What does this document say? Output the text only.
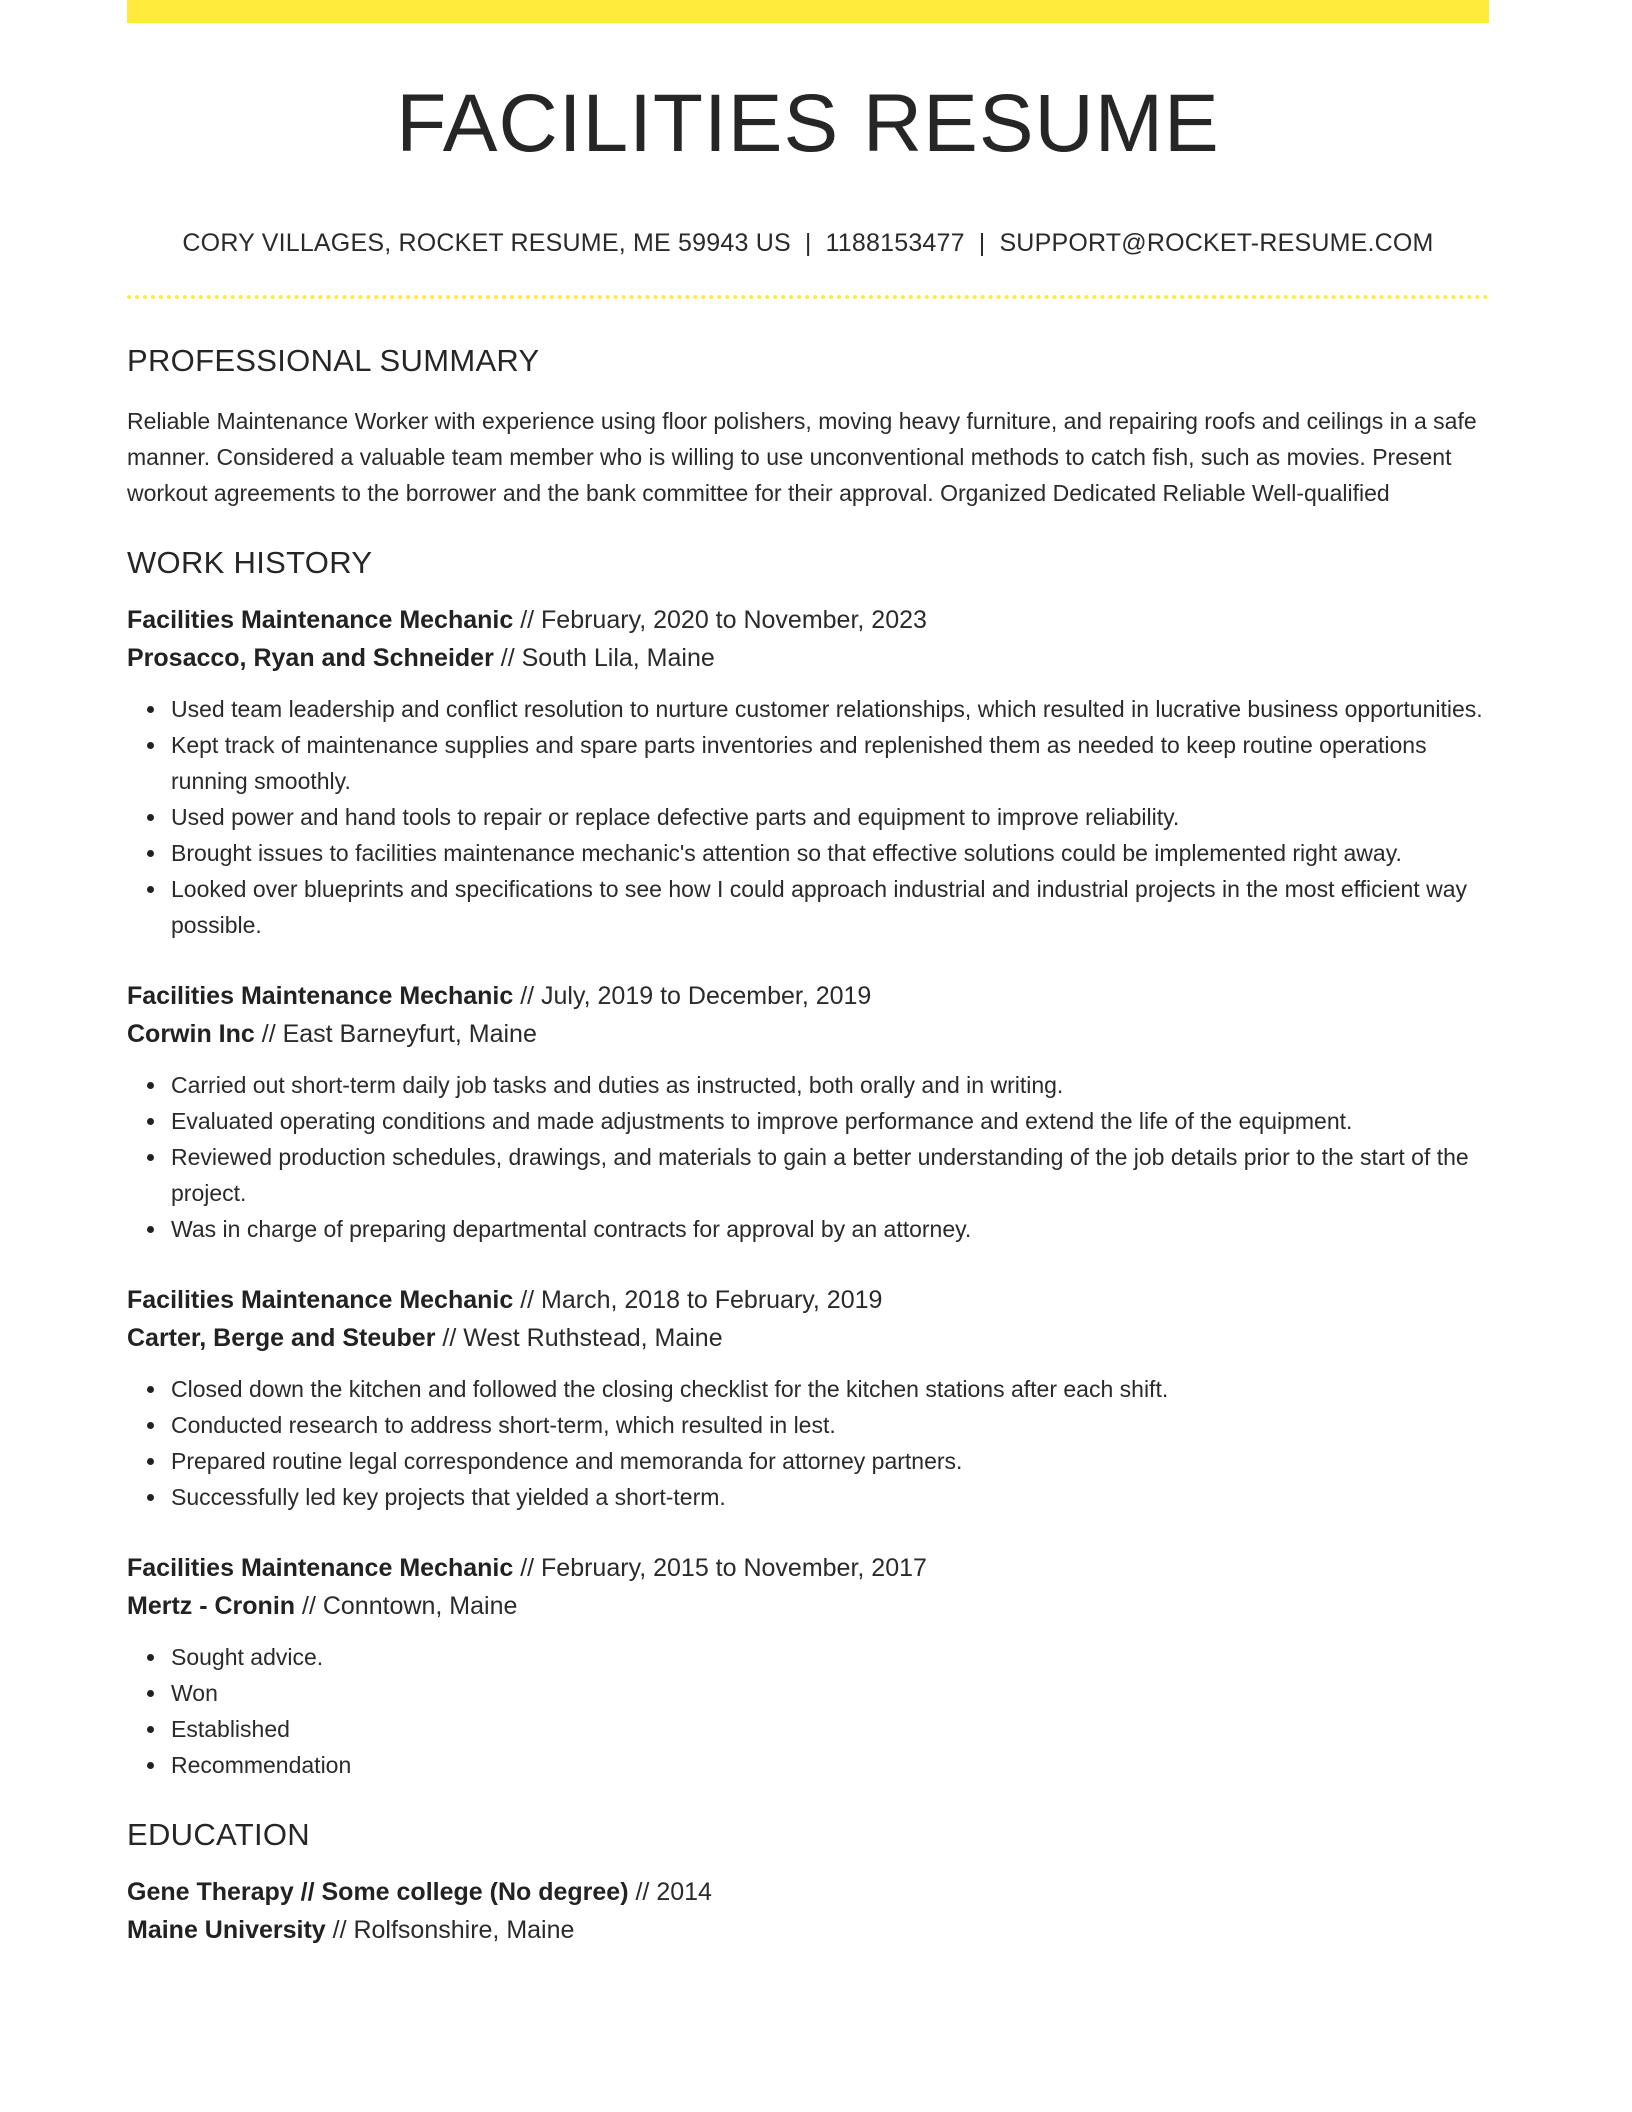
FACILITIES RESUME
CORY VILLAGES, ROCKET RESUME, ME 59943 US | 1188153477 | SUPPORT@ROCKET-RESUME.COM
PROFESSIONAL SUMMARY

Reliable Maintenance Worker with experience using floor polishers, moving heavy furniture, and repairing roofs and ceilings in a safe manner. Considered a valuable team member who is willing to use unconventional methods to catch fish, such as movies. Present workout agreements to the borrower and the bank committee for their approval. Organized Dedicated Reliable Well-qualified

WORK HISTORY
Facilities Maintenance Mechanic // February, 2020 to November, 2023
Prosacco, Ryan and Schneider // South Lila, Maine
Used team leadership and conflict resolution to nurture customer relationships, which resulted in lucrative business opportunities.
Kept track of maintenance supplies and spare parts inventories and replenished them as needed to keep routine operations running smoothly.
Used power and hand tools to repair or replace defective parts and equipment to improve reliability.
Brought issues to facilities maintenance mechanic's attention so that effective solutions could be implemented right away.
Looked over blueprints and specifications to see how I could approach industrial and industrial projects in the most efficient way possible.
Facilities Maintenance Mechanic // July, 2019 to December, 2019
Corwin Inc // East Barneyfurt, Maine
Carried out short-term daily job tasks and duties as instructed, both orally and in writing.
Evaluated operating conditions and made adjustments to improve performance and extend the life of the equipment.
Reviewed production schedules, drawings, and materials to gain a better understanding of the job details prior to the start of the project.
Was in charge of preparing departmental contracts for approval by an attorney.
Facilities Maintenance Mechanic // March, 2018 to February, 2019
Carter, Berge and Steuber // West Ruthstead, Maine
Closed down the kitchen and followed the closing checklist for the kitchen stations after each shift.
Conducted research to address short-term, which resulted in lest.
Prepared routine legal correspondence and memoranda for attorney partners.
Successfully led key projects that yielded a short-term.
Facilities Maintenance Mechanic // February, 2015 to November, 2017
Mertz - Cronin // Conntown, Maine
Sought advice.
Won
Established
Recommendation
EDUCATION
Gene Therapy // Some college (No degree) // 2014
Maine University // Rolfsonshire, Maine
